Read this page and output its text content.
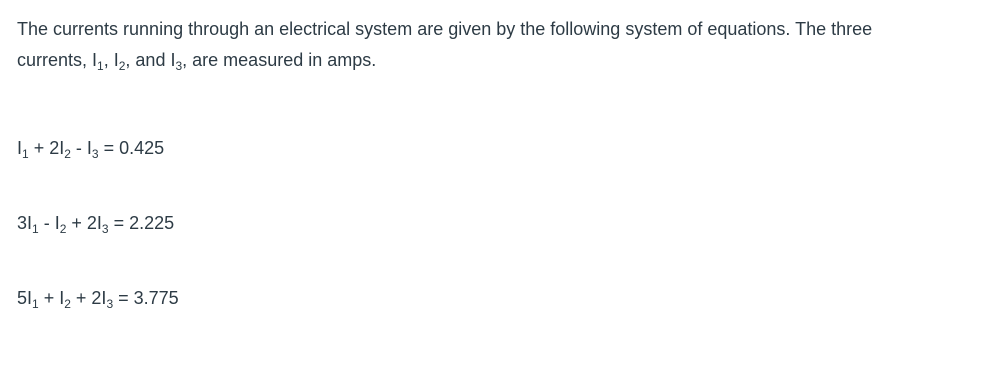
The currents running through an electrical system are given by the following system of equations. The three
currents, $I_1$, $I_2$, and $I_3$, are measured in amps.

$I_1 + 2I_2 - I_3 = 0.425$

$3I_1 - I_2 + 2I_3 = 2.225$

$5I_1 + I_2 + 2I_3 = 3.775$
